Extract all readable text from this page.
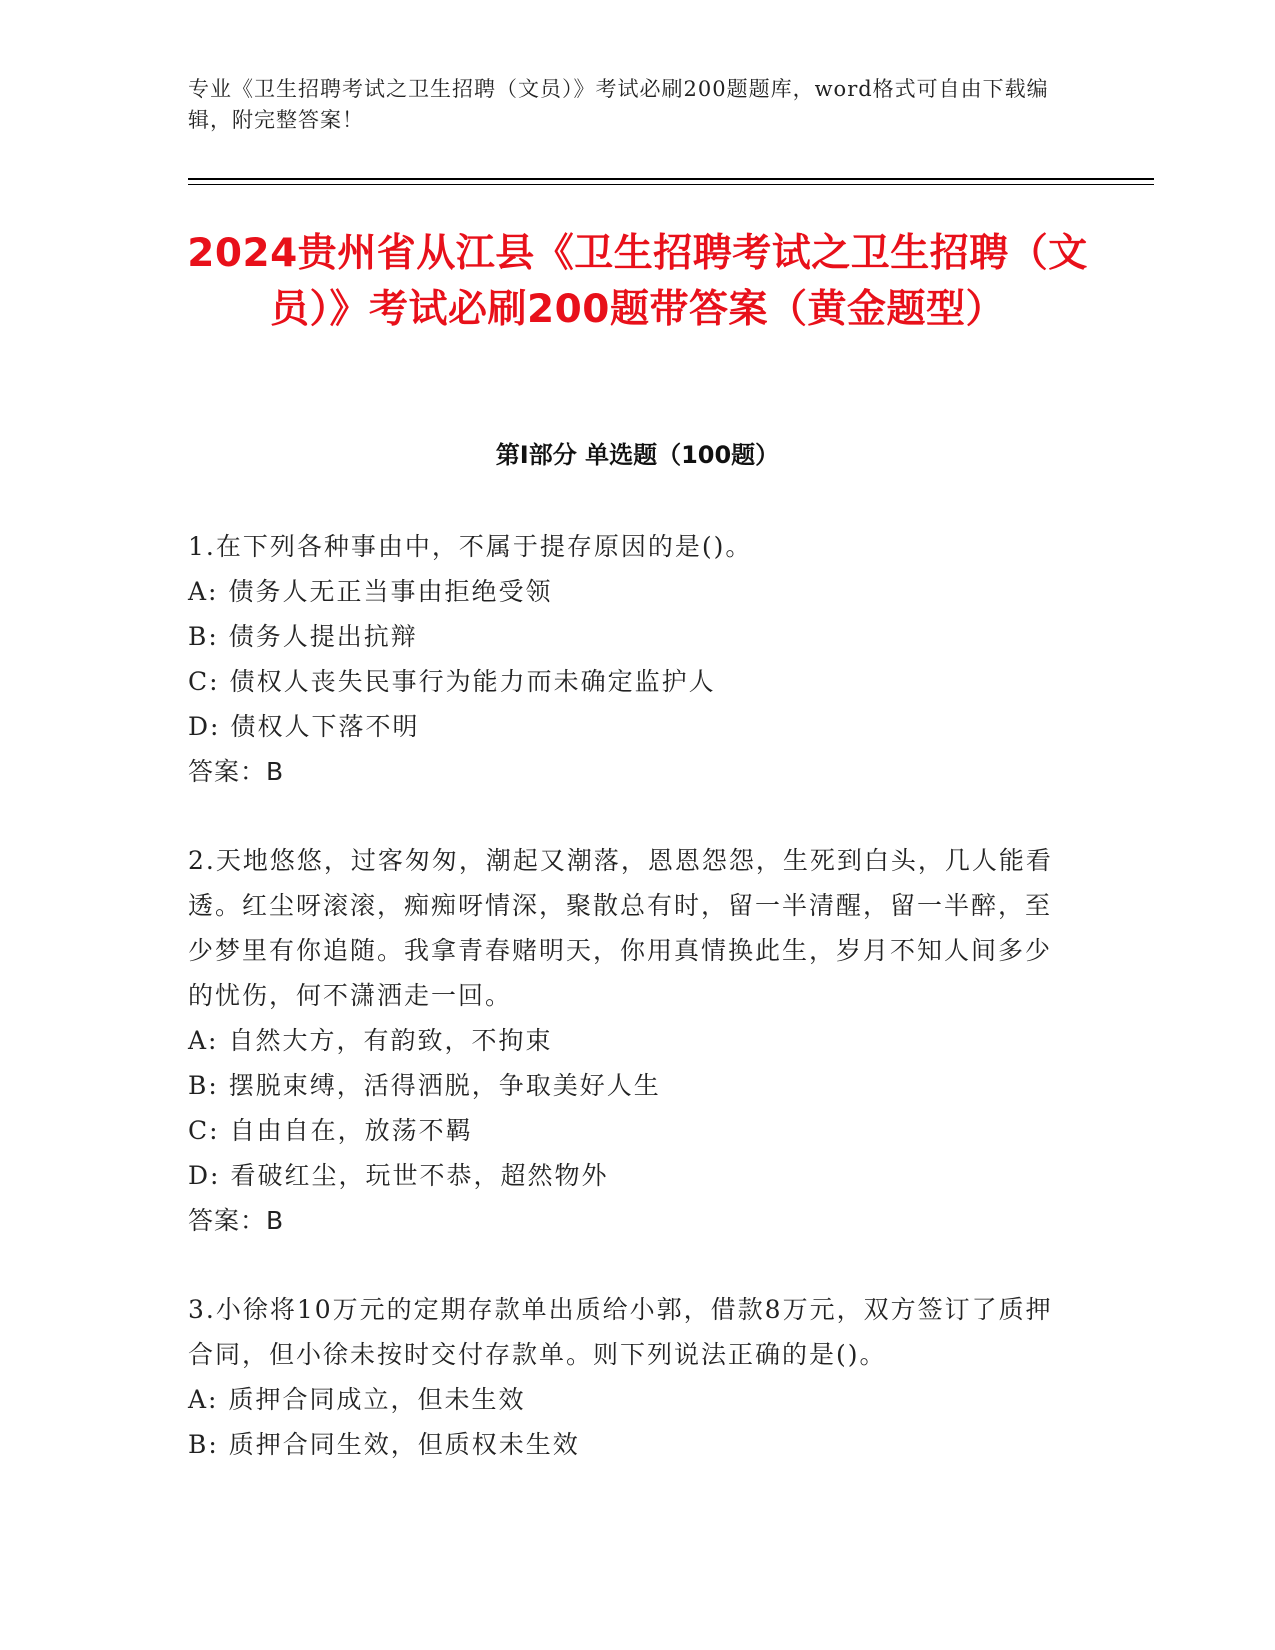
专业《卫生招聘考试之卫生招聘（文员）》考试必刷200题题库，word格式可自由下载编辑，附完整答案！
2024贵州省从江县《卫生招聘考试之卫生招聘（文员）》考试必刷200题带答案（黄金题型）
第Ⅰ部分 单选题（100题）
1.在下列各种事由中，不属于提存原因的是()。
A: 债务人无正当事由拒绝受领
B: 债务人提出抗辩
C: 债权人丧失民事行为能力而未确定监护人
D: 债权人下落不明
答案：B
2.天地悠悠，过客匆匆，潮起又潮落，恩恩怨怨，生死到白头，几人能看透。红尘呀滚滚，痴痴呀情深，聚散总有时，留一半清醒，留一半醉，至少梦里有你追随。我拿青春赌明天，你用真情换此生，岁月不知人间多少的忧伤，何不潇洒走一回。
A: 自然大方，有韵致，不拘束
B: 摆脱束缚，活得洒脱，争取美好人生
C: 自由自在，放荡不羁
D: 看破红尘，玩世不恭，超然物外
答案：B
3.小徐将10万元的定期存款单出质给小郭，借款8万元，双方签订了质押合同，但小徐未按时交付存款单。则下列说法正确的是()。
A: 质押合同成立，但未生效
B: 质押合同生效，但质权未生效
